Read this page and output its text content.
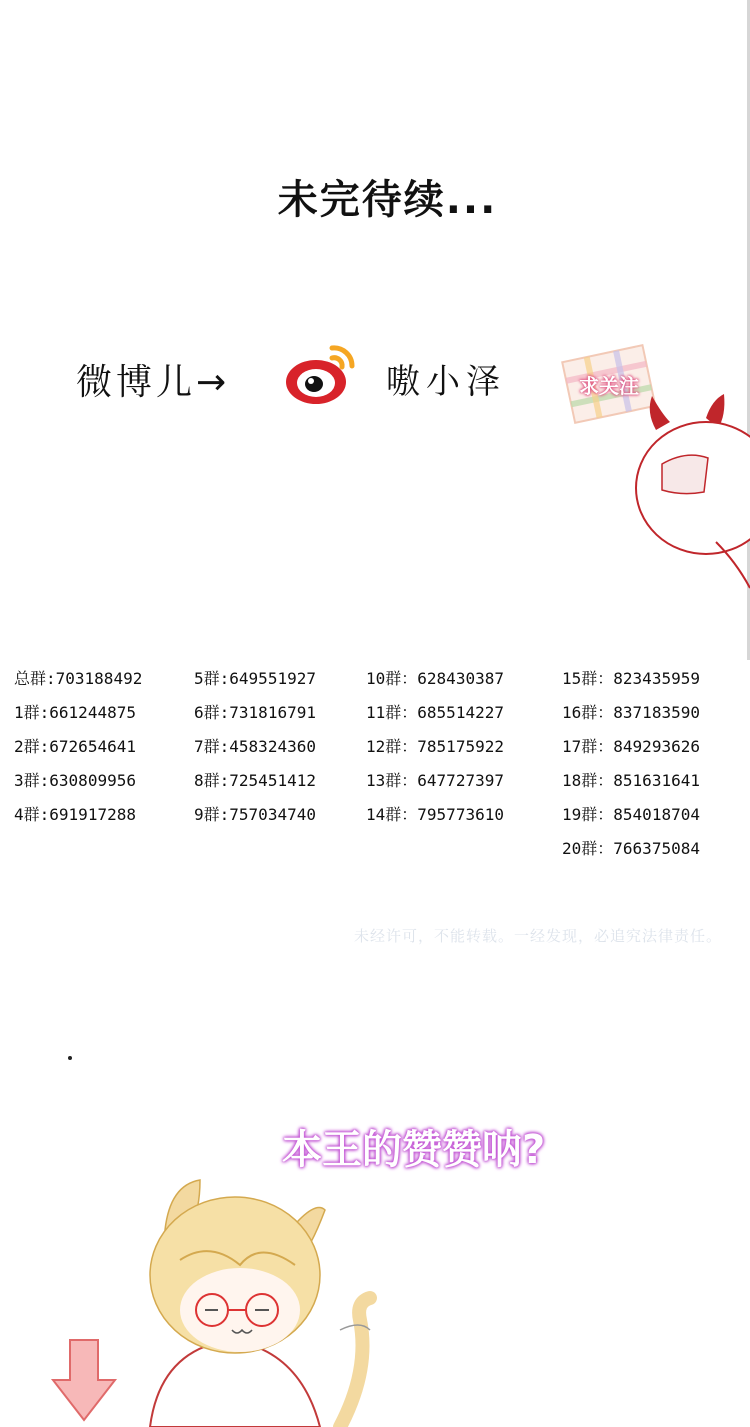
未完待续...
微博儿→	嗷小泽	求关注
总群:703188492
1群:661244875
2群:672654641
3群:630809956
4群:691917288
5群:649551927
6群:731816791
7群:458324360
8群:725451412
9群:757034740
10群：628430387
11群：685514227
12群：785175922
13群：647727397
14群：795773610
15群：823435959
16群：837183590
17群：849293626
18群：851631641
19群：854018704
20群：766375084
未经许可，不能转载。一经发现，必追究法律责任。
本王的赞赞呐?
